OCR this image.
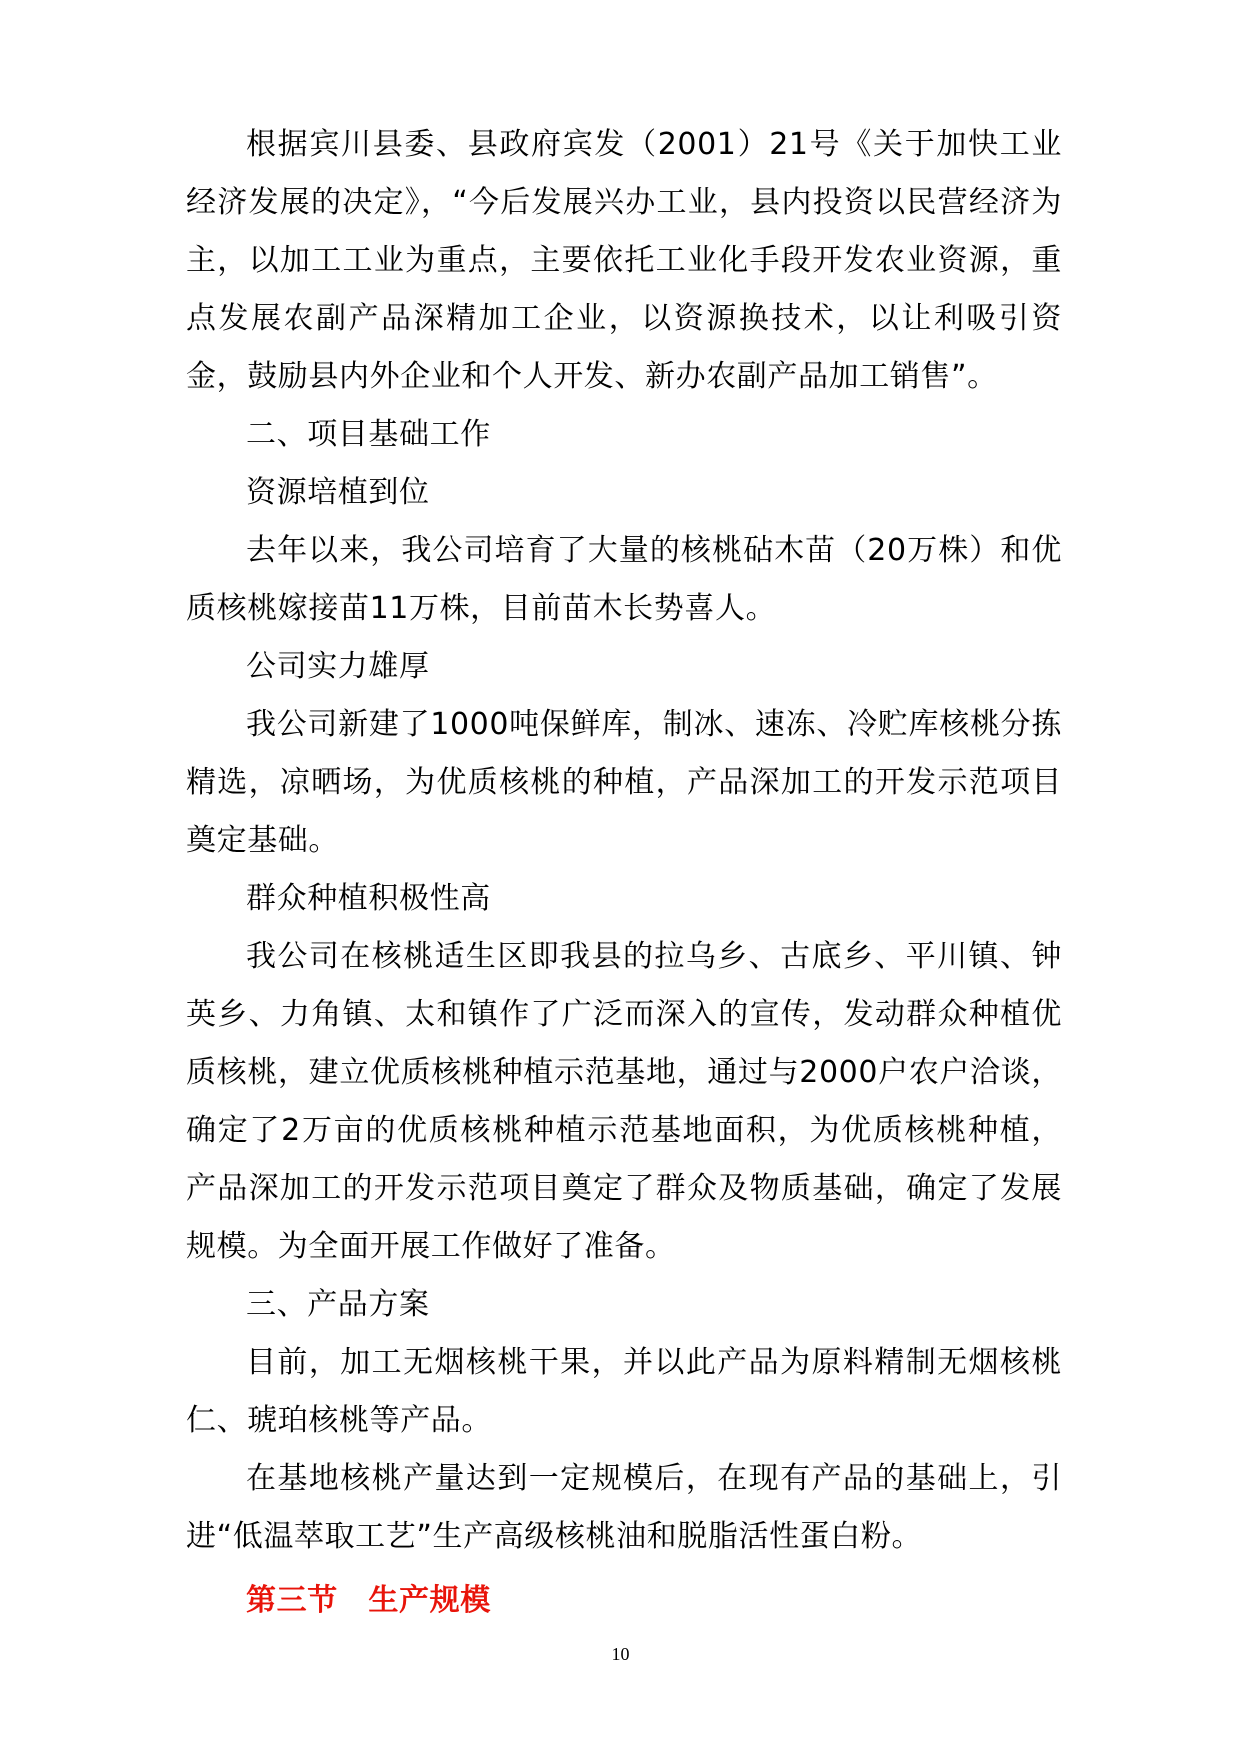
根据宾川县委、县政府宾发（2001）21号《关于加快工业经济发展的决定》，“今后发展兴办工业，县内投资以民营经济为主，以加工工业为重点，主要依托工业化手段开发农业资源，重点发展农副产品深精加工企业，以资源换技术，以让利吸引资金，鼓励县内外企业和个人开发、新办农副产品加工销售”。

二、项目基础工作

资源培植到位

去年以来，我公司培育了大量的核桃砧木苗（20万株）和优质核桃嫁接苗11万株，目前苗木长势喜人。

公司实力雄厚

我公司新建了1000吨保鲜库，制冰、速冻、冷贮库核桃分拣精选，凉晒场，为优质核桃的种植，产品深加工的开发示范项目奠定基础。

群众种植积极性高

我公司在核桃适生区即我县的拉乌乡、古底乡、平川镇、钟英乡、力角镇、太和镇作了广泛而深入的宣传，发动群众种植优质核桃，建立优质核桃种植示范基地，通过与2000户农户洽谈，确定了2万亩的优质核桃种植示范基地面积，为优质核桃种植，产品深加工的开发示范项目奠定了群众及物质基础，确定了发展规模。为全面开展工作做好了准备。

三、产品方案

目前，加工无烟核桃干果，并以此产品为原料精制无烟核桃仁、琥珀核桃等产品。

在基地核桃产量达到一定规模后，在现有产品的基础上，引进“低温萃取工艺”生产高级核桃油和脱脂活性蛋白粉。

第三节　生产规模

10
